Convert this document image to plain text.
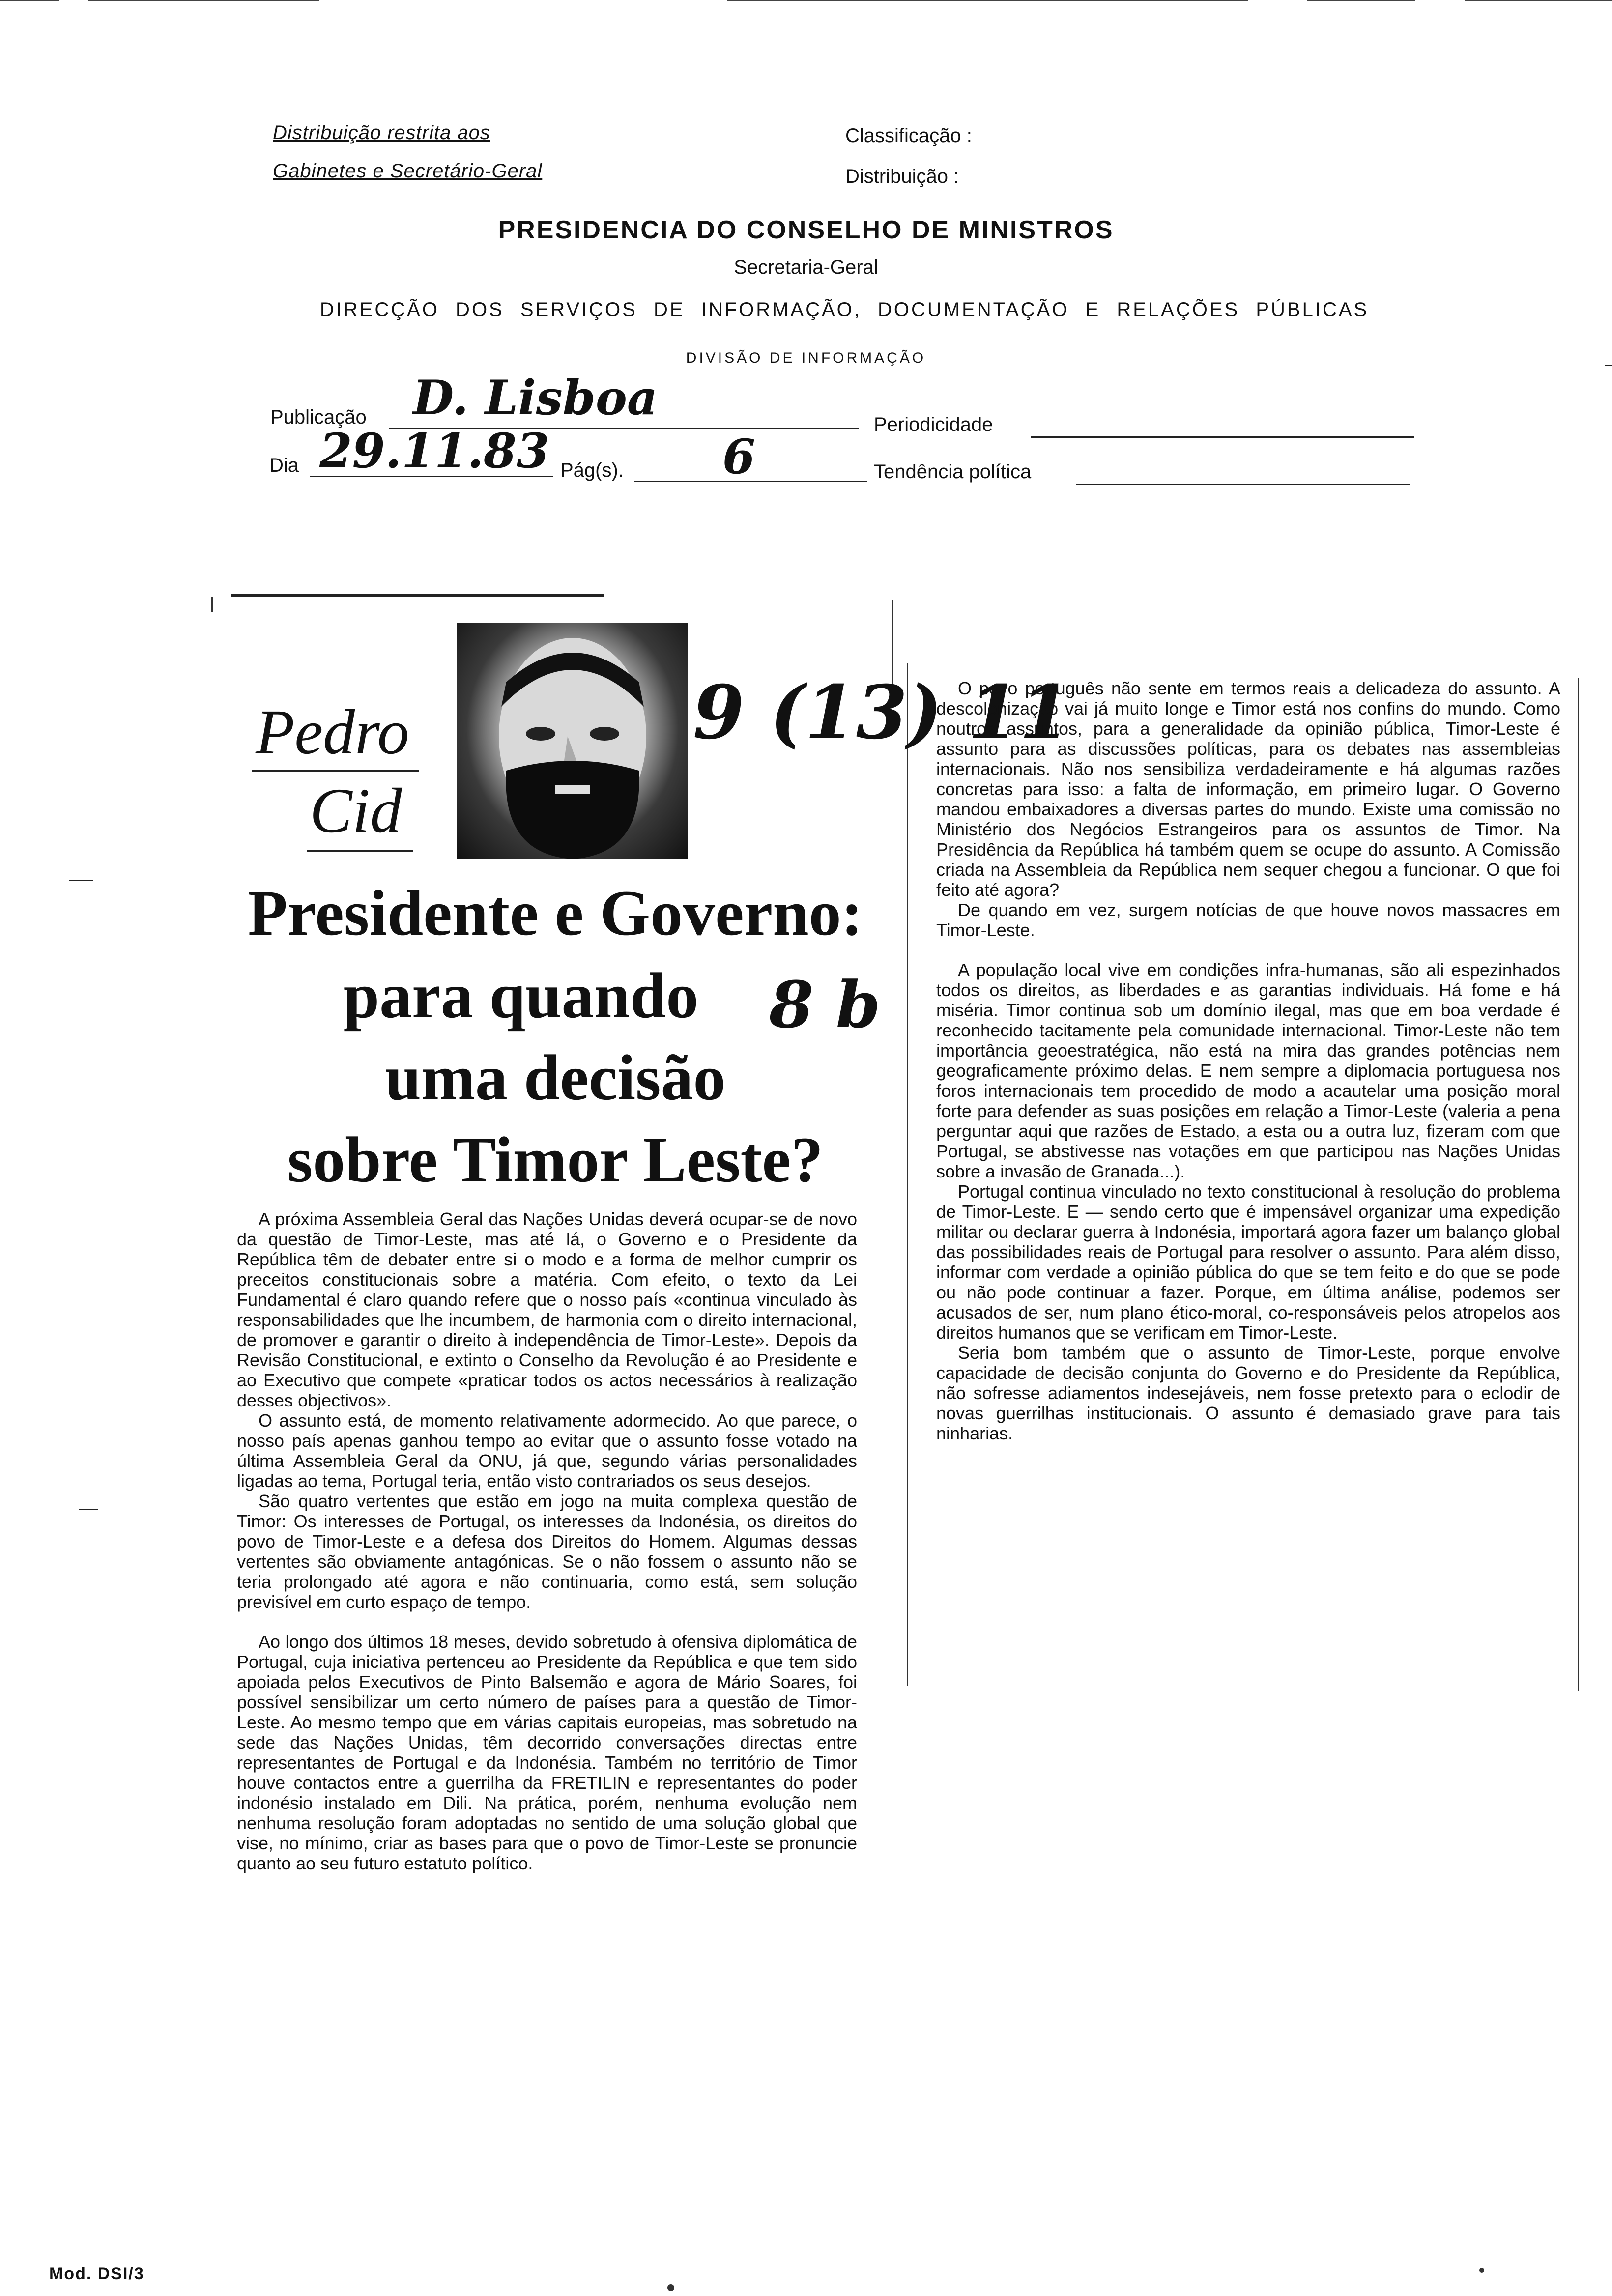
Distribuição restrita aos
Gabinetes e Secretário-Geral
Classificação :
Distribuição :
PRESIDENCIA DO CONSELHO DE MINISTROS
Secretaria-Geral
DIRECÇÃO DOS SERVIÇOS DE INFORMAÇÃO, DOCUMENTAÇÃO E RELAÇÕES PÚBLICAS
DIVISÃO DE INFORMAÇÃO
Publicação D. Lisboa	Periodicidade
Dia 29.11.83 Pág(s). 6	Tendência política
Pedro
Cid
9 (13) 11
Presidente e Governo:
para quando	8 b
uma decisão
sobre Timor Leste?

A próxima Assembleia Geral das Nações Unidas deverá ocupar-se de novo da questão de Timor-Leste, mas até lá, o Governo e o Presidente da República têm de debater entre si o modo e a forma de melhor cumprir os preceitos constitucionais sobre a matéria. Com efeito, o texto da Lei Fundamental é claro quando refere que o nosso país «continua vinculado às responsabilidades que lhe incumbem, de harmonia com o direito internacional, de promover e garantir o direito à independência de Timor-Leste». Depois da Revisão Constitucional, e extinto o Conselho da Revolução é ao Presidente e ao Executivo que compete «praticar todos os actos necessários à realização desses objectivos».

O assunto está, de momento relativamente adormecido. Ao que parece, o nosso país apenas ganhou tempo ao evitar que o assunto fosse votado na última Assembleia Geral da ONU, já que, segundo várias personalidades ligadas ao tema, Portugal teria, então visto contrariados os seus desejos.

São quatro vertentes que estão em jogo na muita complexa questão de Timor: Os interesses de Portugal, os interesses da Indonésia, os direitos do povo de Timor-Leste e a defesa dos Direitos do Homem. Algumas dessas vertentes são obviamente antagónicas. Se o não fossem o assunto não se teria prolongado até agora e não continuaria, como está, sem solução previsível em curto espaço de tempo.

Ao longo dos últimos 18 meses, devido sobretudo à ofensiva diplomática de Portugal, cuja iniciativa pertenceu ao Presidente da República e que tem sido apoiada pelos Executivos de Pinto Balsemão e agora de Mário Soares, foi possível sensibilizar um certo número de países para a questão de Timor-Leste. Ao mesmo tempo que em várias capitais europeias, mas sobretudo na sede das Nações Unidas, têm decorrido conversações directas entre representantes de Portugal e da Indonésia. Também no território de Timor houve contactos entre a guerrilha da FRETILIN e representantes do poder indonésio instalado em Dili. Na prática, porém, nenhuma evolução nem nenhuma resolução foram adoptadas no sentido de uma solução global que vise, no mínimo, criar as bases para que o povo de Timor-Leste se pronuncie quanto ao seu futuro estatuto político.

O povo português não sente em termos reais a delicadeza do assunto. A descolonização vai já muito longe e Timor está nos confins do mundo. Como noutros assuntos, para a generalidade da opinião pública, Timor-Leste é assunto para as discussões políticas, para os debates nas assembleias internacionais. Não nos sensibiliza verdadeiramente e há algumas razões concretas para isso: a falta de informação, em primeiro lugar. O Governo mandou embaixadores a diversas partes do mundo. Existe uma comissão no Ministério dos Negócios Estrangeiros para os assuntos de Timor. Na Presidência da República há também quem se ocupe do assunto. A Comissão criada na Assembleia da República nem sequer chegou a funcionar. O que foi feito até agora?

De quando em vez, surgem notícias de que houve novos massacres em Timor-Leste.

A população local vive em condições infra-humanas, são ali espezinhados todos os direitos, as liberdades e as garantias individuais. Há fome e há miséria. Timor continua sob um domínio ilegal, mas que em boa verdade é reconhecido tacitamente pela comunidade internacional. Timor-Leste não tem importância geoestratégica, não está na mira das grandes potências nem geograficamente próximo delas. E nem sempre a diplomacia portuguesa nos foros internacionais tem procedido de modo a acautelar uma posição moral forte para defender as suas posições em relação a Timor-Leste (valeria a pena perguntar aqui que razões de Estado, a esta ou a outra luz, fizeram com que Portugal, se abstivesse nas votações em que participou nas Nações Unidas sobre a invasão de Granada...).

Portugal continua vinculado no texto constitucional à resolução do problema de Timor-Leste. E — sendo certo que é impensável organizar uma expedição militar ou declarar guerra à Indonésia, importará agora fazer um balanço global das possibilidades reais de Portugal para resolver o assunto. Para além disso, informar com verdade a opinião pública do que se tem feito e do que se pode ou não pode continuar a fazer. Porque, em última análise, podemos ser acusados de ser, num plano ético-moral, co-responsáveis pelos atropelos aos direitos humanos que se verificam em Timor-Leste.

Seria bom também que o assunto de Timor-Leste, porque envolve capacidade de decisão conjunta do Governo e do Presidente da República, não sofresse adiamentos indesejáveis, nem fosse pretexto para o eclodir de novas guerrilhas institucionais. O assunto é demasiado grave para tais ninharias.

Mod. DSI/3
